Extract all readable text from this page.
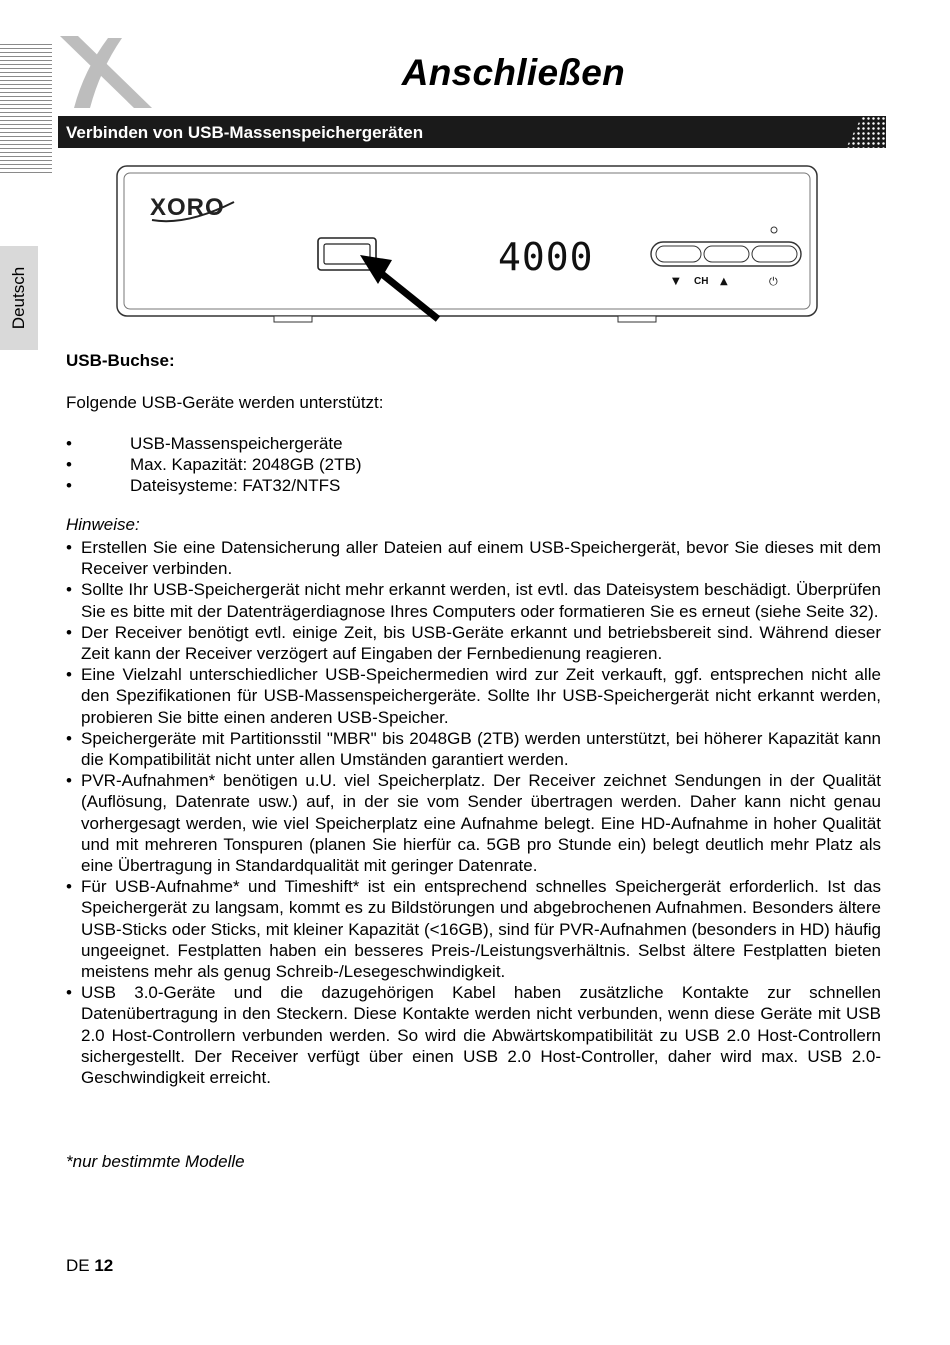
Anschließen
Verbinden von USB-Massenspeichergeräten
Deutsch
XORO
4000
▼ CH ▲	⏻
USB-Buchse:
Folgende USB-Geräte werden unterstützt:
• USB-Massenspeichergeräte
• Max. Kapazität: 2048GB (2TB)
• Dateisysteme: FAT32/NTFS
Hinweise:
• Erstellen Sie eine Datensicherung aller Dateien auf einem USB-Speichergerät, bevor Sie dieses mit dem Receiver verbinden.
• Sollte Ihr USB-Speichergerät nicht mehr erkannt werden, ist evtl. das Dateisystem beschädigt. Überprüfen Sie es bitte mit der Datenträgerdiagnose Ihres Computers oder formatieren Sie es erneut (siehe Seite 32).
• Der Receiver benötigt evtl. einige Zeit, bis USB-Geräte erkannt und betriebsbereit sind. Während dieser Zeit kann der Receiver verzögert auf Eingaben der Fernbedienung reagieren.
• Eine Vielzahl unterschiedlicher USB-Speichermedien wird zur Zeit verkauft, ggf. entsprechen nicht alle den Spezifikationen für USB-Massenspeichergeräte. Sollte Ihr USB-Speichergerät nicht erkannt werden, probieren Sie bitte einen anderen USB-Speicher.
• Speichergeräte mit Partitionsstil "MBR" bis 2048GB (2TB) werden unterstützt, bei höherer Kapazität kann die Kompatibilität nicht unter allen Umständen garantiert werden.
• PVR-Aufnahmen* benötigen u.U. viel Speicherplatz. Der Receiver zeichnet Sendungen in der Qualität (Auflösung, Datenrate usw.) auf, in der sie vom Sender übertragen werden. Daher kann nicht genau vorhergesagt werden, wie viel Speicherplatz eine Aufnahme belegt. Eine HD-Aufnahme in hoher Qualität und mit mehreren Tonspuren (planen Sie hierfür ca. 5GB pro Stunde ein) belegt deutlich mehr Platz als eine Übertragung in Standardqualität mit geringer Datenrate.
• Für USB-Aufnahme* und Timeshift* ist ein entsprechend schnelles Speichergerät erforderlich. Ist das Speichergerät zu langsam, kommt es zu Bildstörungen und abgebrochenen Aufnahmen. Besonders ältere USB-Sticks oder Sticks, mit kleiner Kapazität (<16GB), sind für PVR-Aufnahmen (besonders in HD) häufig ungeeignet. Festplatten haben ein besseres Preis-/Leistungsverhältnis. Selbst ältere Festplatten bieten meistens mehr als genug Schreib-/Lesegeschwindigkeit.
• USB 3.0-Geräte und die dazugehörigen Kabel haben zusätzliche Kontakte zur schnellen Datenübertragung in den Steckern. Diese Kontakte werden nicht verbunden, wenn diese Geräte mit USB 2.0 Host-Controllern verbunden werden. So wird die Abwärtskompatibilität zu USB 2.0 Host-Controllern sichergestellt. Der Receiver verfügt über einen USB 2.0 Host-Controller, daher wird max. USB 2.0-Geschwindigkeit erreicht.
*nur bestimmte Modelle
DE 12
